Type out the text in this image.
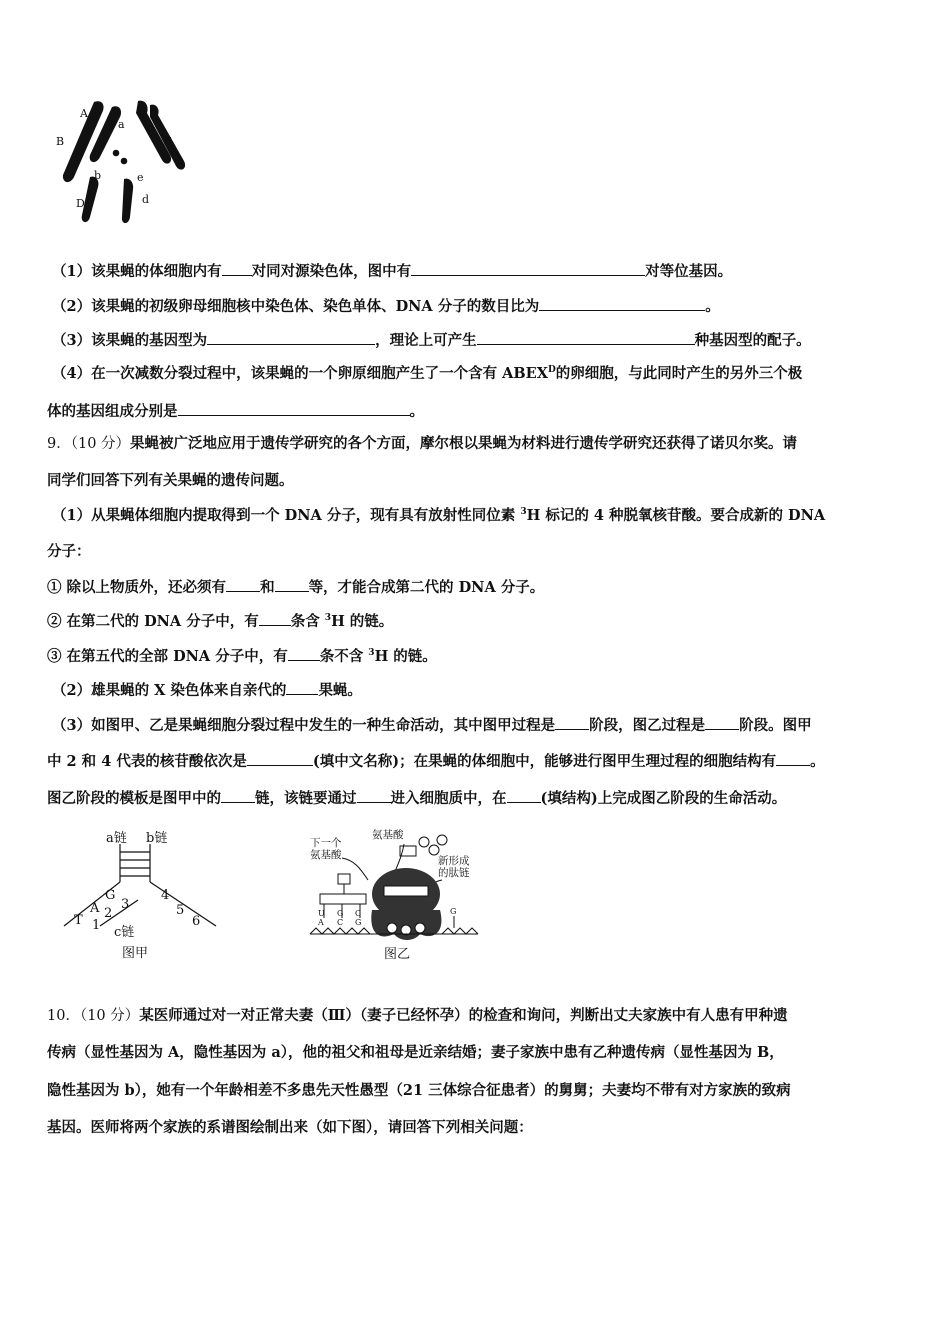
A
a
B
b
E
e
D	d
（1）该果蝇的体细胞内有 对同对源染色体，图中有	对等位基因。
（2）该果蝇的初级卵母细胞核中染色体、染色单体、DNA 分子的数目比为	。
（3）该果蝇的基因型为	，理论上可产生	种基因型的配子。
（4）在一次减数分裂过程中，该果蝇的一个卵原细胞产生了一个含有 $ABEX^D$的卵细胞，与此同时产生的另外三个极
体的基因组成分别是	。
9．（10 分）果蝇被广泛地应用于遗传学研究的各个方面，摩尔根以果蝇为材料进行遗传学研究还获得了诺贝尔奖。请
同学们回答下列有关果蝇的遗传问题。
（1）从果蝇体细胞内提取得到一个 DNA 分子，现有具有放射性同位素 $^3$H 标记的 4 种脱氧核苷酸。要合成新的 DNA
分子：
① 除以上物质外，还必须有 和 等，才能合成第二代的 DNA 分子。
② 在第二代的 DNA 分子中，有 条含 $^3$H 的链。
③ 在第五代的全部 DNA 分子中，有 条不含 $^3$H 的链。
（2）雄果蝇的 X 染色体来自亲代的 果蝇。
（3）如图甲、乙是果蝇细胞分裂过程中发生的一种生命活动，其中图甲过程是 阶段，图乙过程是 阶段。图甲
中 2 和 4 代表的核苷酸依次是	(填中文名称)；在果蝇的体细胞中，能够进行图甲生理过程的细胞结构有 。
图乙阶段的模板是图甲中的 链，该链要通过 进入细胞质中，在 (填结构)上完成图乙阶段的生命活动。
a链 b链
G
A
T 1
2
3
4
5
6
c链
图甲
下一个
氨基酸
氨基酸
新形成
的肽链
U
A
G
C
C
G
G
图乙
10．（10 分）某医师通过对一对正常夫妻（Ⅲ）（妻子已经怀孕）的检查和询问，判断出丈夫家族中有人患有甲种遗
传病（显性基因为 A，隐性基因为 a），他的祖父和祖母是近亲结婚；妻子家族中患有乙种遗传病（显性基因为 B，
隐性基因为 b），她有一个年龄相差不多患先天性愚型（21 三体综合征患者）的舅舅；夫妻均不带有对方家族的致病
基因。医师将两个家族的系谱图绘制出来（如下图），请回答下列相关问题：
